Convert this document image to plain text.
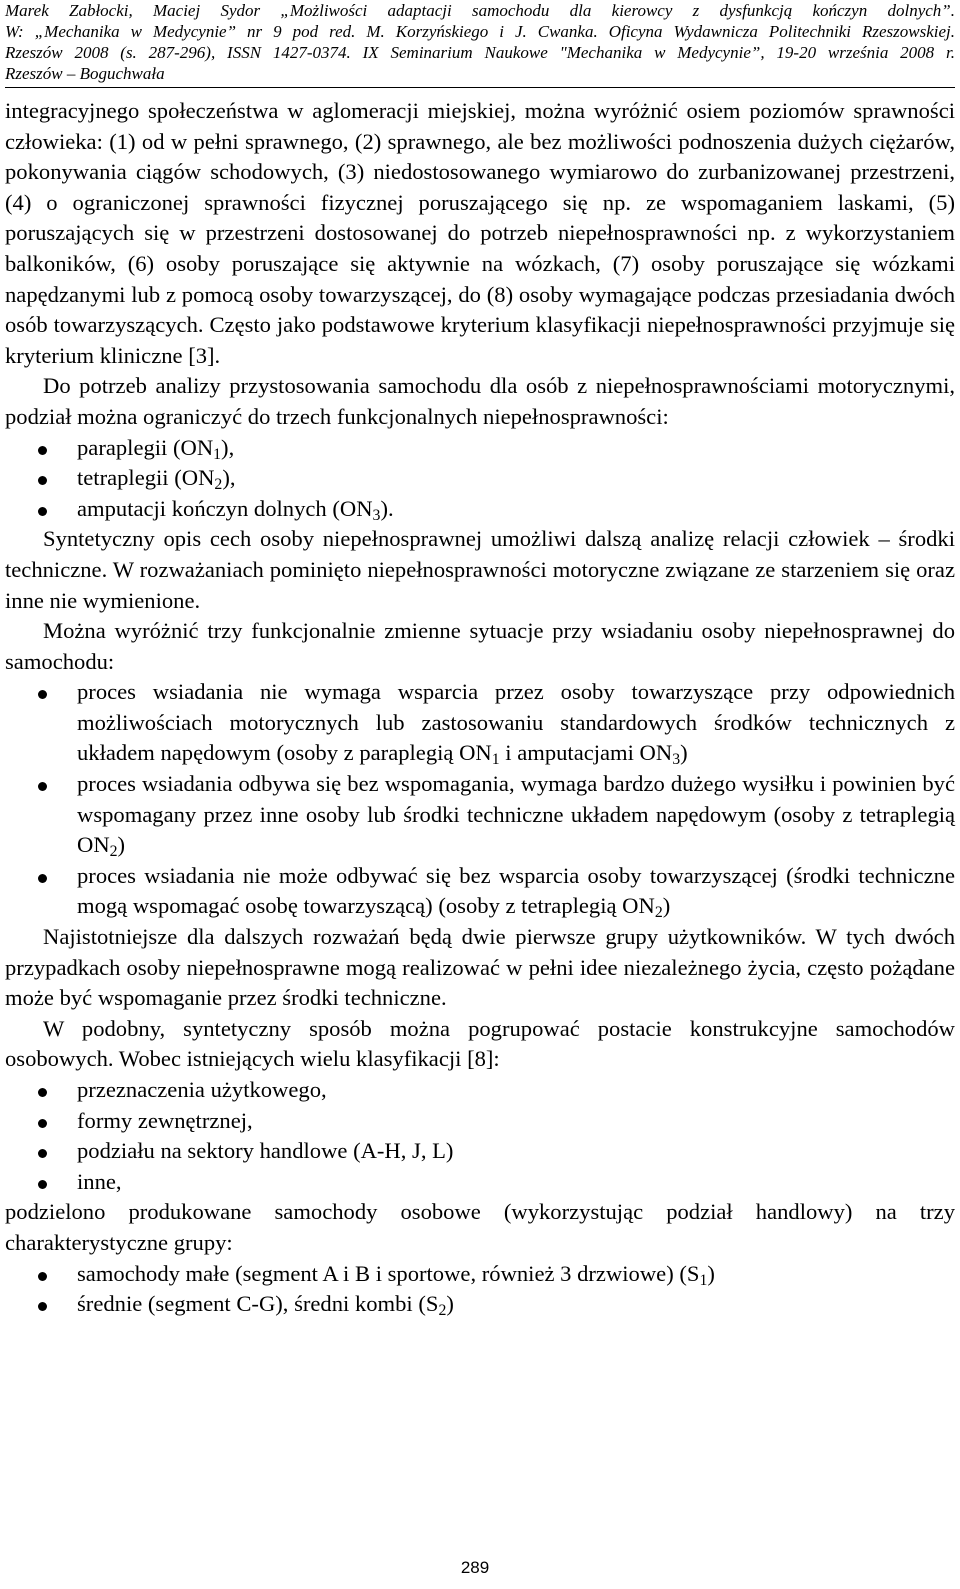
Marek Zabłocki, Maciej Sydor „Możliwości adaptacji samochodu dla kierowcy z dysfunkcją kończyn dolnych”.
W: „Mechanika w Medycynie” nr 9 pod red. M. Korzyńskiego i J. Cwanka. Oficyna Wydawnicza Politechniki Rzeszowskiej.
Rzeszów 2008 (s. 287-296), ISSN 1427-0374. IX Seminarium Naukowe "Mechanika w Medycynie”, 19-20 września 2008 r.
Rzeszów – Boguchwała

integracyjnego społeczeństwa w aglomeracji miejskiej, można wyróżnić osiem poziomów sprawności człowieka: (1) od w pełni sprawnego, (2) sprawnego, ale bez możliwości podnoszenia dużych ciężarów, pokonywania ciągów schodowych, (3) niedostosowanego wymiarowo do zurbanizowanej przestrzeni, (4) o ograniczonej sprawności fizycznej poruszającego się np. ze wspomaganiem laskami, (5) poruszających się w przestrzeni dostosowanej do potrzeb niepełnosprawności np. z wykorzystaniem balkoników, (6) osoby poruszające się aktywnie na wózkach, (7) osoby poruszające się wózkami napędzanymi lub z pomocą osoby towarzyszącej, do (8) osoby wymagające podczas przesiadania dwóch osób towarzyszących. Często jako podstawowe kryterium klasyfikacji niepełnosprawności przyjmuje się kryterium kliniczne [3].

Do potrzeb analizy przystosowania samochodu dla osób z niepełnosprawnościami motorycznymi, podział można ograniczyć do trzech funkcjonalnych niepełnosprawności:

paraplegii $(ON_1)$,
tetraplegii $(ON_2)$,
amputacji kończyn dolnych $(ON_3)$.

Syntetyczny opis cech osoby niepełnosprawnej umożliwi dalszą analizę relacji człowiek – środki techniczne. W rozważaniach pominięto niepełnosprawności motoryczne związane ze starzeniem się oraz inne nie wymienione.

Można wyróżnić trzy funkcjonalnie zmienne sytuacje przy wsiadaniu osoby niepełnosprawnej do samochodu:

proces wsiadania nie wymaga wsparcia przez osoby towarzyszące przy odpowiednich możliwościach motorycznych lub zastosowaniu standardowych środków technicznych z układem napędowym (osoby z paraplegią $ON_1$ i amputacjami $ON_3$)
proces wsiadania odbywa się bez wspomagania, wymaga bardzo dużego wysiłku i powinien być wspomagany przez inne osoby lub środki techniczne układem napędowym (osoby z tetraplegią $ON_2$)
proces wsiadania nie może odbywać się bez wsparcia osoby towarzyszącej (środki techniczne mogą wspomagać osobę towarzyszącą) (osoby z tetraplegią $ON_2$)

Najistotniejsze dla dalszych rozważań będą dwie pierwsze grupy użytkowników. W tych dwóch przypadkach osoby niepełnosprawne mogą realizować w pełni idee niezależnego życia, często pożądane może być wspomaganie przez środki techniczne.

W podobny, syntetyczny sposób można pogrupować postacie konstrukcyjne samochodów osobowych. Wobec istniejących wielu klasyfikacji [8]:

przeznaczenia użytkowego,
formy zewnętrznej,
podziału na sektory handlowe (A-H, J, L)
inne,

podzielono produkowane samochody osobowe (wykorzystując podział handlowy) na trzy charakterystyczne grupy:

samochody małe (segment A i B i sportowe, również 3 drzwiowe) $(S_1)$
średnie (segment C-G), średni kombi $(S_2)$
289
